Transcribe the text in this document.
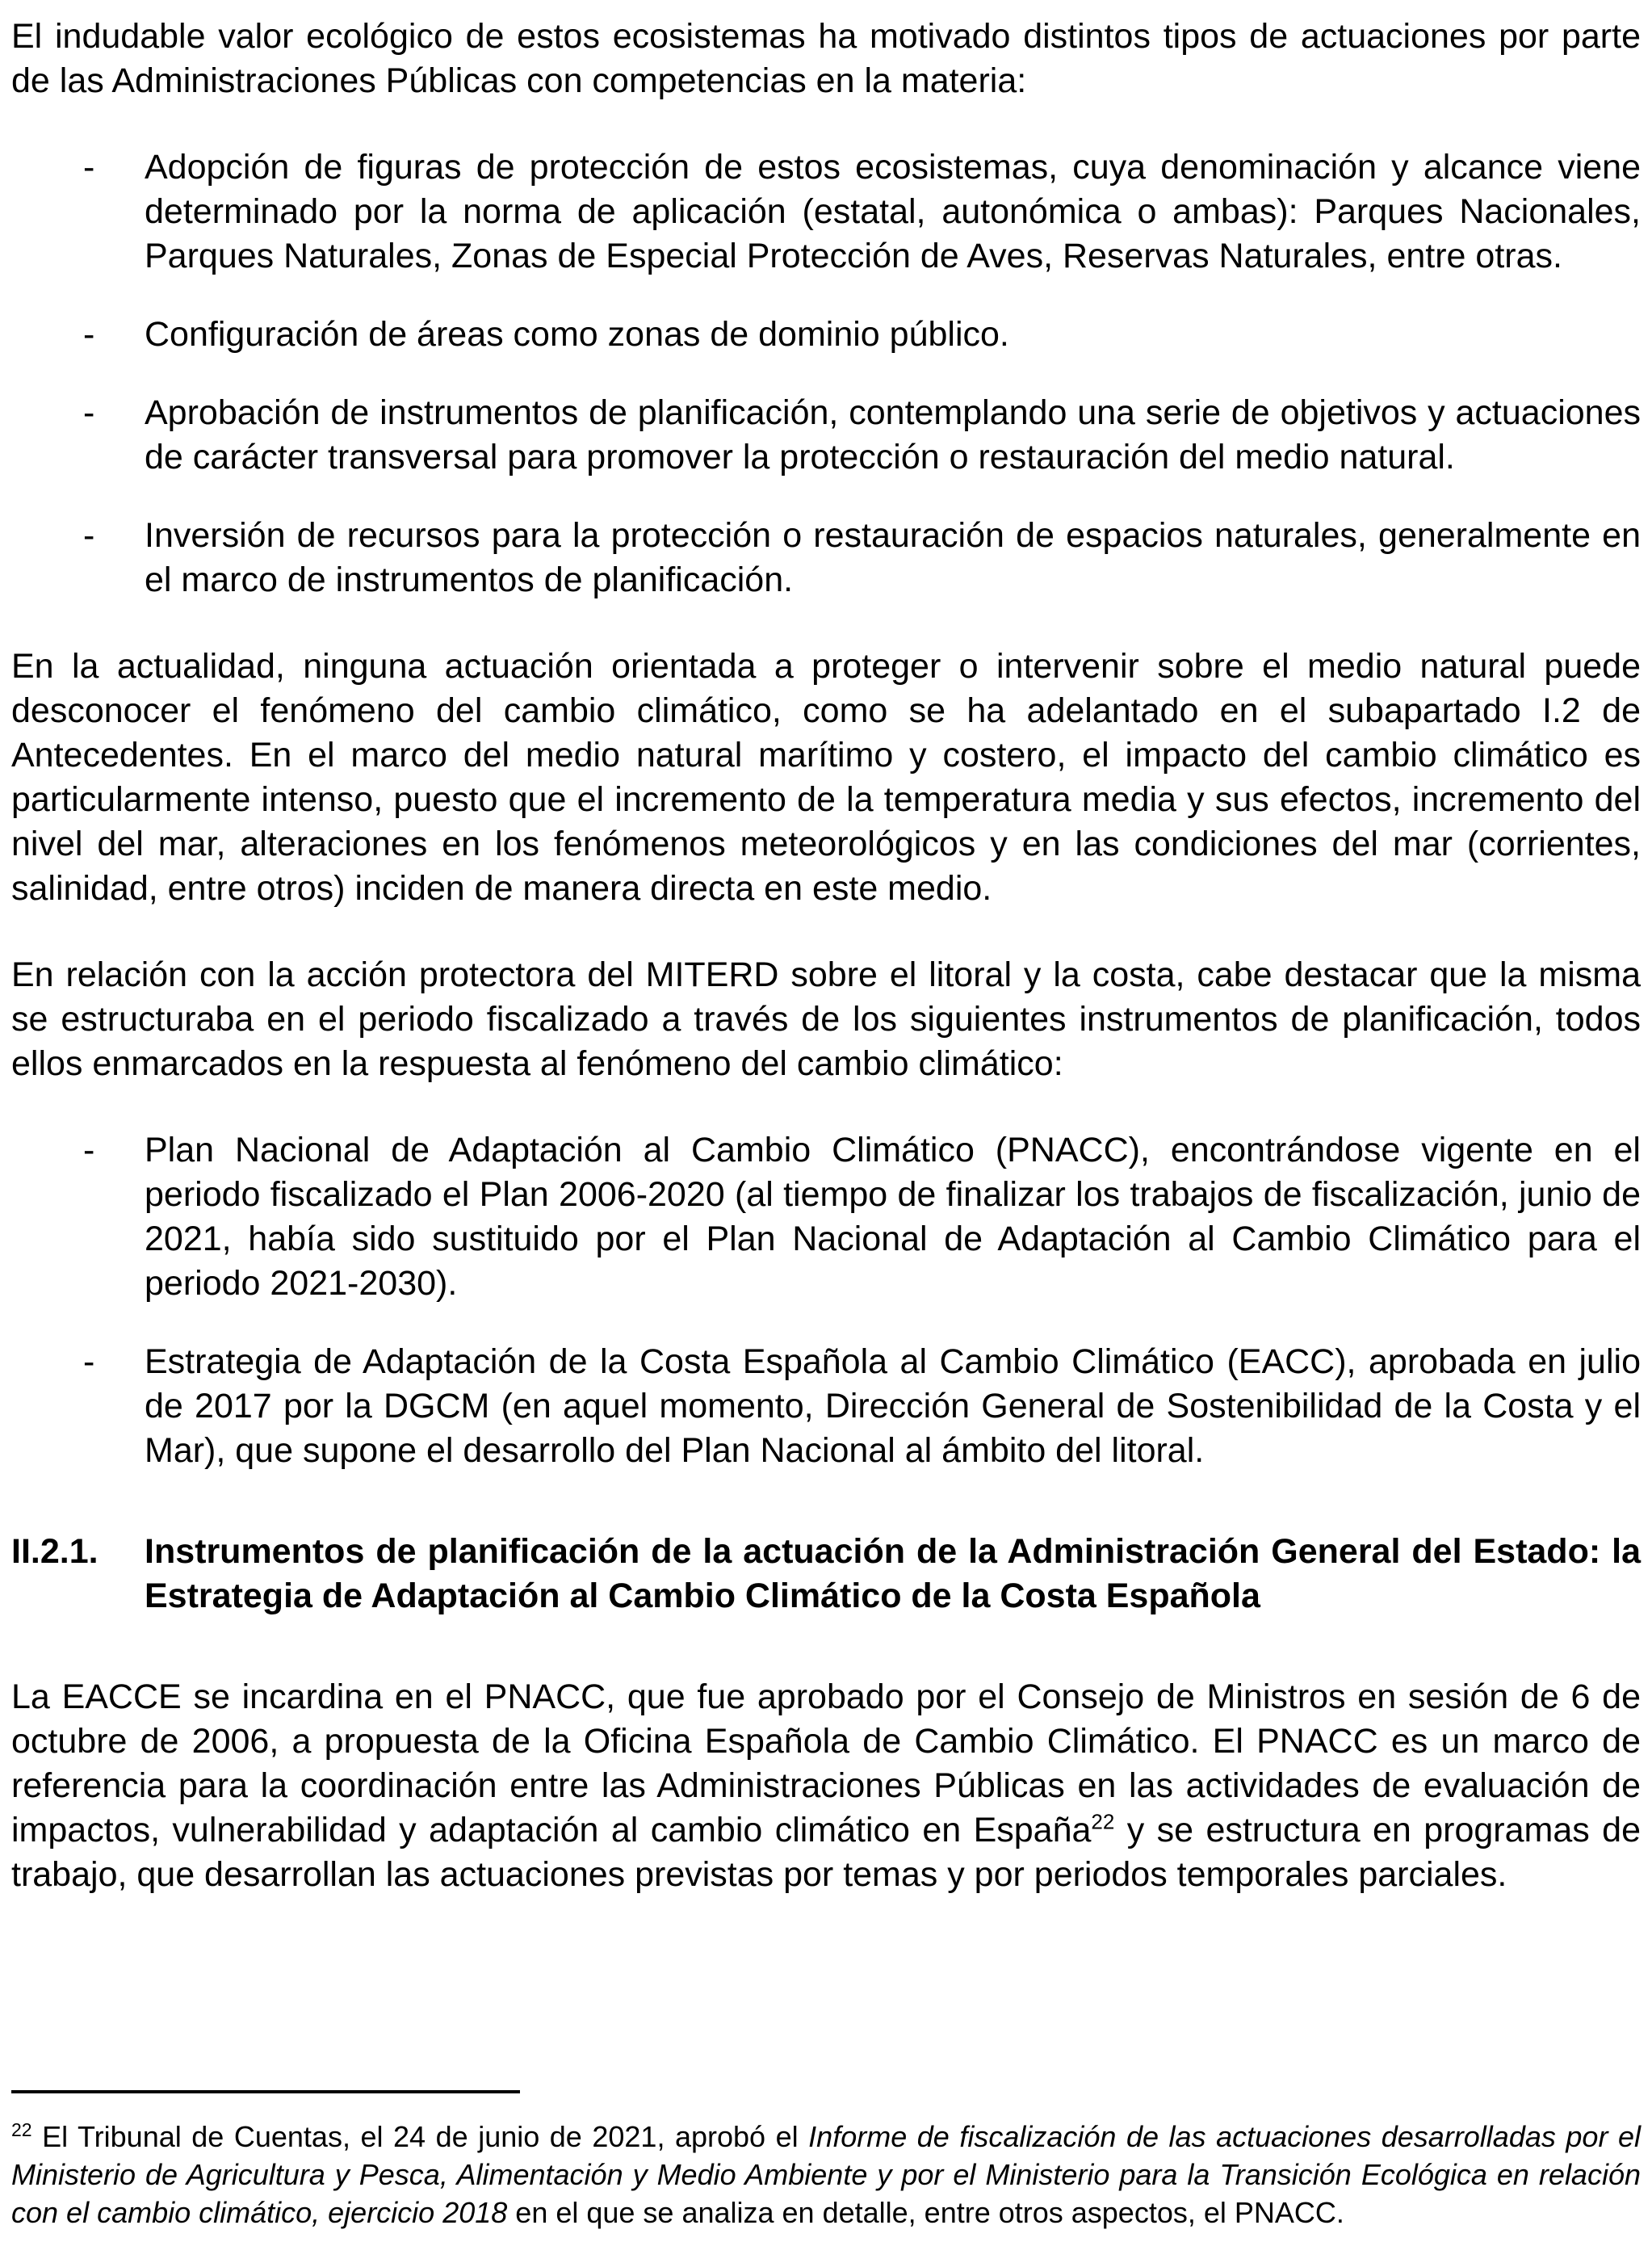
El indudable valor ecológico de estos ecosistemas ha motivado distintos tipos de actuaciones por parte de las Administraciones Públicas con competencias en la materia:

- Adopción de figuras de protección de estos ecosistemas, cuya denominación y alcance viene determinado por la norma de aplicación (estatal, autonómica o ambas): Parques Nacionales, Parques Naturales, Zonas de Especial Protección de Aves, Reservas Naturales, entre otras.
- Configuración de áreas como zonas de dominio público.
- Aprobación de instrumentos de planificación, contemplando una serie de objetivos y actuaciones de carácter transversal para promover la protección o restauración del medio natural.
- Inversión de recursos para la protección o restauración de espacios naturales, generalmente en el marco de instrumentos de planificación.

En la actualidad, ninguna actuación orientada a proteger o intervenir sobre el medio natural puede desconocer el fenómeno del cambio climático, como se ha adelantado en el subapartado I.2 de Antecedentes. En el marco del medio natural marítimo y costero, el impacto del cambio climático es particularmente intenso, puesto que el incremento de la temperatura media y sus efectos, incremento del nivel del mar, alteraciones en los fenómenos meteorológicos y en las condiciones del mar (corrientes, salinidad, entre otros) inciden de manera directa en este medio.

En relación con la acción protectora del MITERD sobre el litoral y la costa, cabe destacar que la misma se estructuraba en el periodo fiscalizado a través de los siguientes instrumentos de planificación, todos ellos enmarcados en la respuesta al fenómeno del cambio climático:

- Plan Nacional de Adaptación al Cambio Climático (PNACC), encontrándose vigente en el periodo fiscalizado el Plan 2006-2020 (al tiempo de finalizar los trabajos de fiscalización, junio de 2021, había sido sustituido por el Plan Nacional de Adaptación al Cambio Climático para el periodo 2021-2030).
- Estrategia de Adaptación de la Costa Española al Cambio Climático (EACC), aprobada en julio de 2017 por la DGCM (en aquel momento, Dirección General de Sostenibilidad de la Costa y el Mar), que supone el desarrollo del Plan Nacional al ámbito del litoral.
II.2.1. Instrumentos de planificación de la actuación de la Administración General del Estado: la Estrategia de Adaptación al Cambio Climático de la Costa Española

La EACCE se incardina en el PNACC, que fue aprobado por el Consejo de Ministros en sesión de 6 de octubre de 2006, a propuesta de la Oficina Española de Cambio Climático. El PNACC es un marco de referencia para la coordinación entre las Administraciones Públicas en las actividades de evaluación de impactos, vulnerabilidad y adaptación al cambio climático en España$^{22}$ y se estructura en programas de trabajo, que desarrollan las actuaciones previstas por temas y por periodos temporales parciales.

$^{22}$ El Tribunal de Cuentas, el 24 de junio de 2021, aprobó el Informe de fiscalización de las actuaciones desarrolladas por el Ministerio de Agricultura y Pesca, Alimentación y Medio Ambiente y por el Ministerio para la Transición Ecológica en relación con el cambio climático, ejercicio 2018 en el que se analiza en detalle, entre otros aspectos, el PNACC.
